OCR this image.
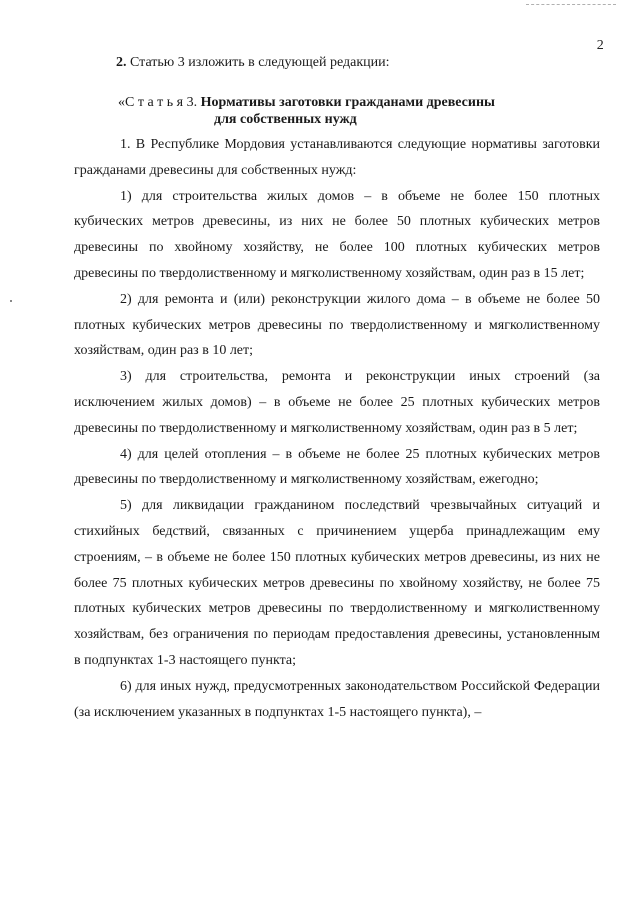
2
2. Статью 3 изложить в следующей редакции:
«С т а т ь я 3. Нормативы заготовки гражданами древесины
для собственных нужд

1. В Республике Мордовия устанавливаются следующие нормативы заготовки гражданами древесины для собственных нужд:

1) для строительства жилых домов – в объеме не более 150 плотных кубических метров древесины, из них не более 50 плотных кубических метров древесины по хвойному хозяйству, не более 100 плотных кубических метров древесины по твердолиственному и мягколиственному хозяйствам, один раз в 15 лет;

2) для ремонта и (или) реконструкции жилого дома – в объеме не более 50 плотных кубических метров древесины по твердолиственному и мягколиственному хозяйствам, один раз в 10 лет;

3) для строительства, ремонта и реконструкции иных строений (за исключением жилых домов) – в объеме не более 25 плотных кубических метров древесины по твердолиственному и мягколиственному хозяйствам, один раз в 5 лет;

4) для целей отопления – в объеме не более 25 плотных кубических метров древесины по твердолиственному и мягколиственному хозяйствам, ежегодно;

5) для ликвидации гражданином последствий чрезвычайных ситуаций и стихийных бедствий, связанных с причинением ущерба принадлежащим ему строениям, – в объеме не более 150 плотных кубических метров древесины, из них не более 75 плотных кубических метров древесины по хвойному хозяйству, не более 75 плотных кубических метров древесины по твердолиственному и мягколиственному хозяйствам, без ограничения по периодам предоставления древесины, установленным в подпунктах 1-3 настоящего пункта;

6) для иных нужд, предусмотренных законодательством Российской Федерации (за исключением указанных в подпунктах 1-5 настоящего пункта), –
